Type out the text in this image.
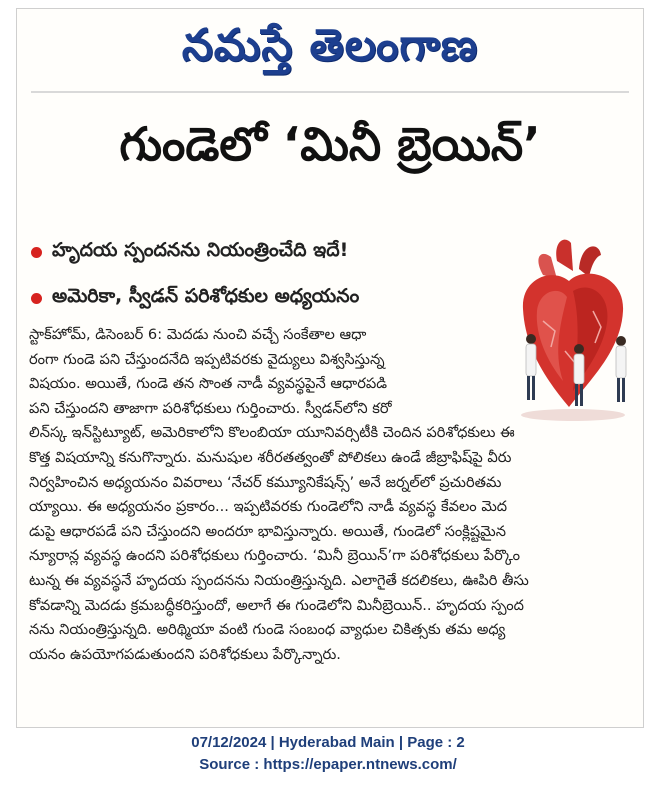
నమస్తే తెలంగాణ
గుండెలో ‘మినీ బ్రెయిన్’
హృదయ స్పందనను నియంత్రించేది ఇదే!
అమెరికా, స్వీడన్ పరిశోధకుల అధ్యయనం
స్టాక్‌హోమ్, డిసెంబర్ 6: మెదడు నుంచి వచ్చే సంకేతాల ఆధా
రంగా గుండె పని చేస్తుందనేది ఇప్పటివరకు వైద్యులు విశ్వసిస్తున్న
విషయం. అయితే, గుండె తన సొంత నాడీ వ్యవస్థపైనే ఆధారపడి
పని చేస్తుందని తాజాగా పరిశోధకులు గుర్తించారు. స్వీడన్‌లోని కరో
లిన్‌స్క ఇన్‌స్టిట్యూట్, అమెరికాలోని కొలంబియా యూనివర్సిటీకి చెందిన పరిశోధకులు ఈ
కొత్త విషయాన్ని కనుగొన్నారు. మనుషుల శరీరతత్వంతో పోలికలు ఉండే జీబ్రాఫిష్‌పై వీరు
నిర్వహించిన అధ్యయనం వివరాలు ‘నేచర్ కమ్యూనికేషన్స్’ అనే జర్నల్‌లో ప్రచురితమ
య్యాయి. ఈ అధ్యయనం ప్రకారం... ఇప్పటివరకు గుండెలోని నాడీ వ్యవస్థ కేవలం మెద
డుపై ఆధారపడే పని చేస్తుందని అందరూ భావిస్తున్నారు. అయితే, గుండెలో సంక్లిష్టమైన
న్యూరాన్ల వ్యవస్థ ఉందని పరిశోధకులు గుర్తించారు. ‘మినీ బ్రెయిన్’గా పరిశోధకులు పేర్కొం
టున్న ఈ వ్యవస్థనే హృదయ స్పందనను నియంత్రిస్తున్నది. ఎలాగైతే కదలికలు, ఊపిరి తీసు
కోవడాన్ని మెదడు క్రమబద్ధీకరిస్తుందో, అలాగే ఈ గుండెలోని మినీబ్రెయిన్.. హృదయ స్పంద
నను నియంత్రిస్తున్నది. అరిథ్మియా వంటి గుండె సంబంధ వ్యాధుల చికిత్సకు తమ అధ్య
యనం ఉపయోగపడుతుందని పరిశోధకులు పేర్కొన్నారు.
07/12/2024 | Hyderabad Main | Page : 2
Source : https://epaper.ntnews.com/
